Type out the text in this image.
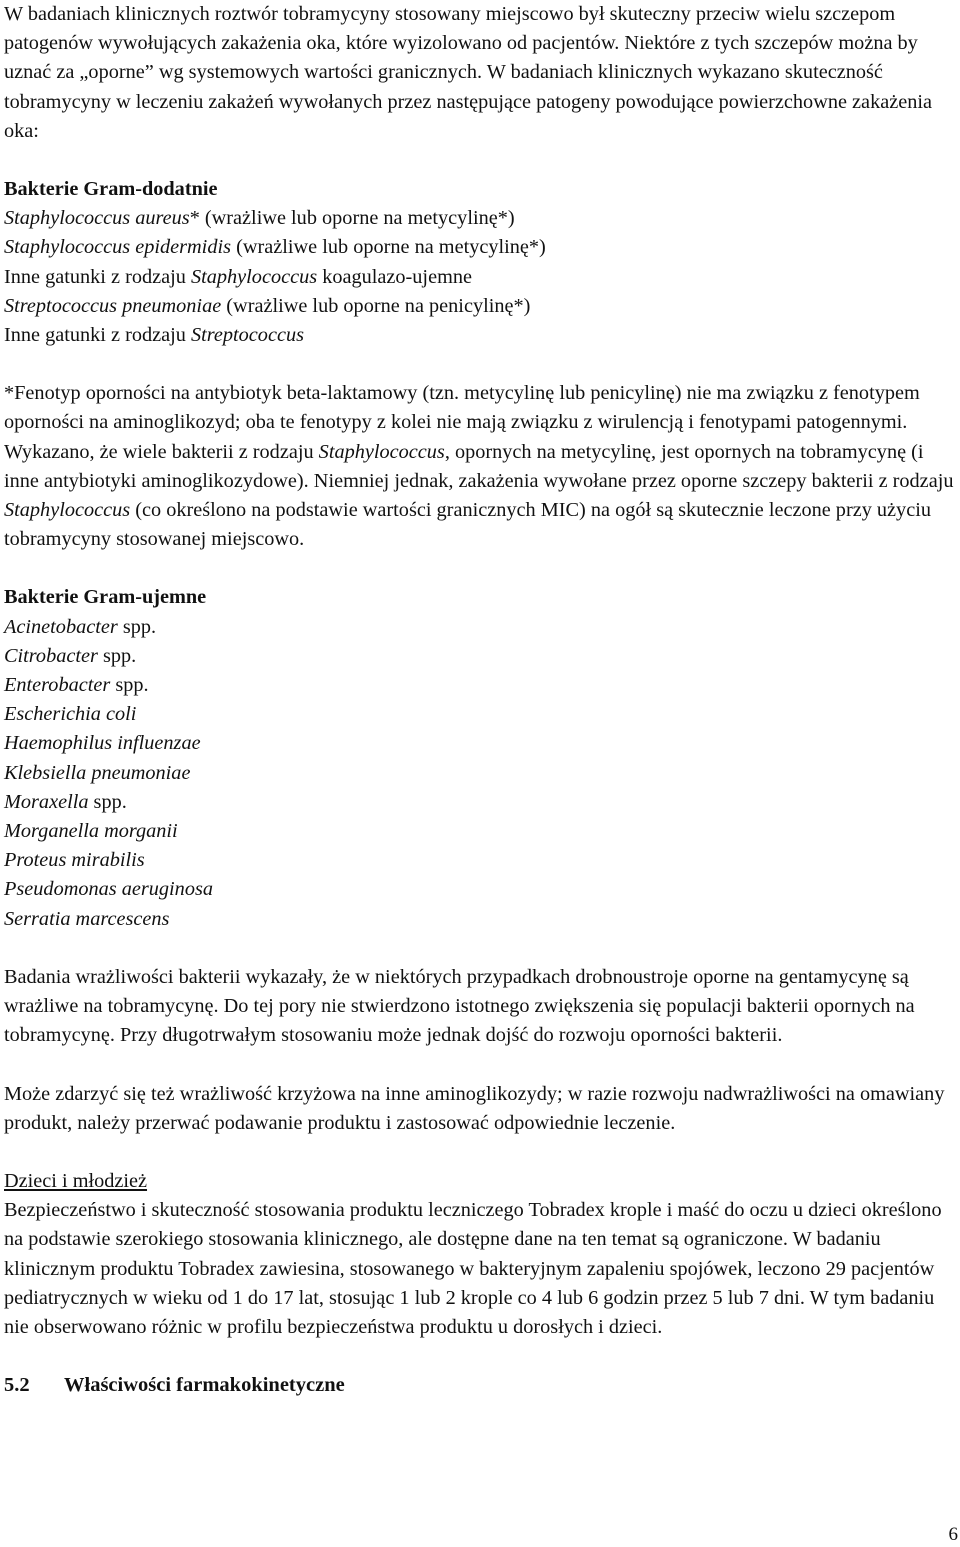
W badaniach klinicznych roztwór tobramycyny stosowany miejscowo był skuteczny przeciw wielu szczepom patogenów wywołujących zakażenia oka, które wyizolowano od pacjentów. Niektóre z tych szczepów można by uznać za „oporne” wg systemowych wartości granicznych. W badaniach klinicznych wykazano skuteczność tobramycyny w leczeniu zakażeń wywołanych przez następujące patogeny powodujące powierzchowne zakażenia oka:

Bakterie Gram-dodatnie

Staphylococcus aureus* (wrażliwe lub oporne na metycylinę*)

Staphylococcus epidermidis (wrażliwe lub oporne na metycylinę*)

Inne gatunki z rodzaju Staphylococcus koagulazo-ujemne

Streptococcus pneumoniae (wrażliwe lub oporne na penicylinę*)

Inne gatunki z rodzaju Streptococcus

*Fenotyp oporności na antybiotyk beta-laktamowy (tzn. metycylinę lub penicylinę) nie ma związku z fenotypem oporności na aminoglikozyd; oba te fenotypy z kolei nie mają związku z wirulencją i fenotypami patogennymi. Wykazano, że wiele bakterii z rodzaju Staphylococcus, opornych na metycylinę, jest opornych na tobramycynę (i inne antybiotyki aminoglikozydowe). Niemniej jednak, zakażenia wywołane przez oporne szczepy bakterii z rodzaju Staphylococcus (co określono na podstawie wartości granicznych MIC) na ogół są skutecznie leczone przy użyciu tobramycyny stosowanej miejscowo.

Bakterie Gram-ujemne

Acinetobacter spp.

Citrobacter spp.

Enterobacter spp.

Escherichia coli

Haemophilus influenzae

Klebsiella pneumoniae

Moraxella spp.

Morganella morganii

Proteus mirabilis

Pseudomonas aeruginosa

Serratia marcescens

Badania wrażliwości bakterii wykazały, że w niektórych przypadkach drobnoustroje oporne na gentamycynę są wrażliwe na tobramycynę. Do tej pory nie stwierdzono istotnego zwiększenia się populacji bakterii opornych na tobramycynę. Przy długotrwałym stosowaniu może jednak dojść do rozwoju oporności bakterii.

Może zdarzyć się też wrażliwość krzyżowa na inne aminoglikozydy; w razie rozwoju nadwrażliwości na omawiany produkt, należy przerwać podawanie produktu i zastosować odpowiednie leczenie.

Dzieci i młodzież

Bezpieczeństwo i skuteczność stosowania produktu leczniczego Tobradex krople i maść do oczu u dzieci określono na podstawie szerokiego stosowania klinicznego, ale dostępne dane na ten temat są ograniczone. W badaniu klinicznym produktu Tobradex zawiesina, stosowanego w bakteryjnym zapaleniu spojówek, leczono 29 pacjentów pediatrycznych w wieku od 1 do 17 lat, stosując 1 lub 2 krople co 4 lub 6 godzin przez 5 lub 7 dni. W tym badaniu nie obserwowano różnic w profilu bezpieczeństwa produktu u dorosłych i dzieci.

5.2 Właściwości farmakokinetyczne

6
